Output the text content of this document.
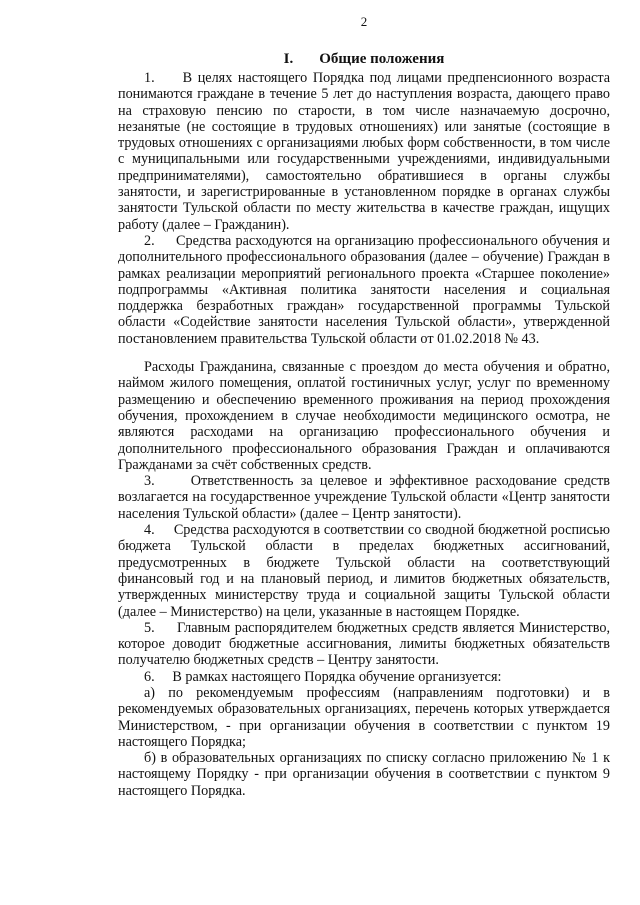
2
I. Общие положения

1.     В целях настоящего Порядка под лицами предпенсионного возраста понимаются граждане в течение 5 лет до наступления возраста, дающего право на страховую пенсию по старости, в том числе назначаемую досрочно, незанятые (не состоящие в трудовых отношениях) или занятые (состоящие в трудовых отношениях с организациями любых форм собственности, в том числе с муниципальными или государственными учреждениями, индивидуальными предпринимателями), самостоятельно обратившиеся в органы службы занятости, и зарегистрированные в установленном порядке в органах службы занятости Тульской области по месту жительства в качестве граждан, ищущих работу (далее – Гражданин).

2.     Средства расходуются на организацию профессионального обучения и дополнительного профессионального образования (далее – обучение) Граждан в рамках реализации мероприятий регионального проекта «Старшее поколение» подпрограммы «Активная политика занятости населения и социальная поддержка безработных граждан» государственной программы Тульской области «Содействие занятости населения Тульской области», утвержденной постановлением правительства Тульской области от 01.02.2018 № 43.

Расходы Гражданина, связанные с проездом до места обучения и обратно, наймом жилого помещения, оплатой гостиничных услуг, услуг по временному размещению и обеспечению временного проживания на период прохождения обучения, прохождением в случае необходимости медицинского осмотра, не являются расходами на организацию профессионального обучения и дополнительного профессионального образования Граждан и оплачиваются Гражданами за счёт собственных средств.

3.     Ответственность за целевое и эффективное расходование средств возлагается на государственное учреждение Тульской области «Центр занятости населения Тульской области» (далее – Центр занятости).

4.     Средства расходуются в соответствии со сводной бюджетной росписью бюджета Тульской области в пределах бюджетных ассигнований, предусмотренных в бюджете Тульской области на соответствующий финансовый год и на плановый период, и лимитов бюджетных обязательств, утвержденных министерству труда и социальной защиты Тульской области (далее – Министерство) на цели, указанные в настоящем Порядке.

5.     Главным распорядителем бюджетных средств является Министерство, которое доводит бюджетные ассигнования, лимиты бюджетных обязательств получателю бюджетных средств – Центру занятости.

6.     В рамках настоящего Порядка обучение организуется:

а) по рекомендуемым профессиям (направлениям подготовки) и в рекомендуемых образовательных организациях, перечень которых утверждается Министерством, - при организации обучения в соответствии с пунктом 19 настоящего Порядка;

б) в образовательных организациях по списку согласно приложению № 1 к настоящему Порядку - при организации обучения в соответствии с пунктом 9 настоящего Порядка.
